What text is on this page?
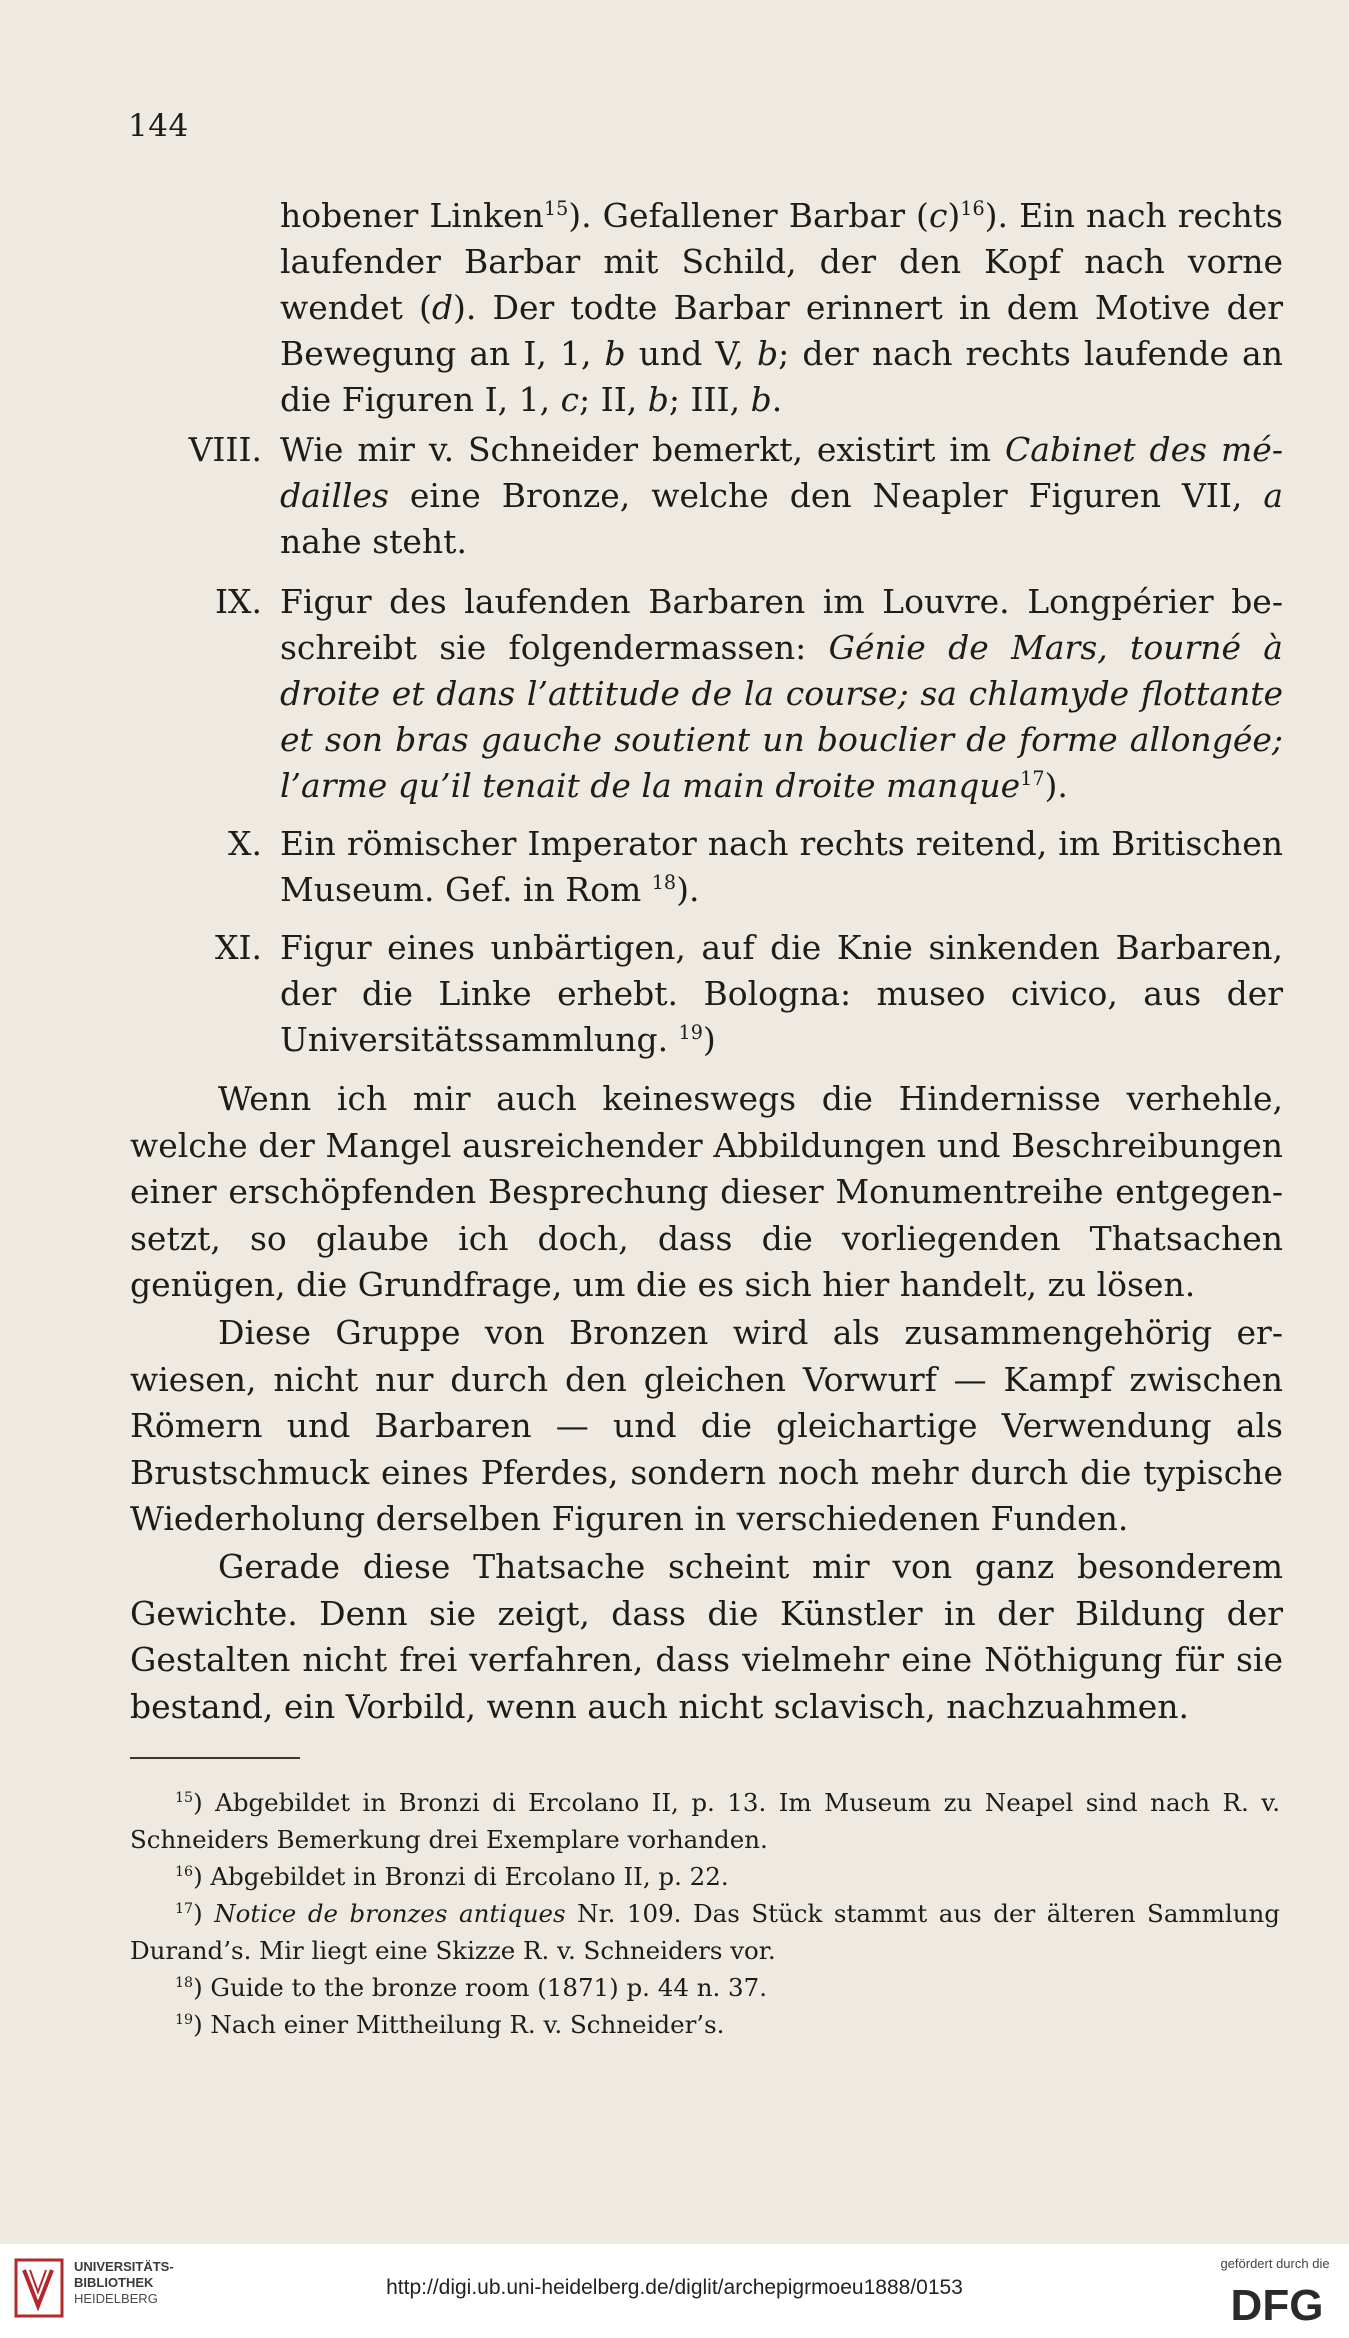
144
hobener Linken$^{15}$). Gefallener Barbar $(c)^{16}$). Ein nach rechts laufender Barbar mit Schild, der den Kopf nach vorne wendet (d). Der todte Barbar erinnert in dem Motive der Bewegung an I, 1, b und V, b; der nach rechts laufende an die Figuren I, 1, c; II, b; III, b.
VIII. Wie mir v. Schneider bemerkt, existirt im Cabinet des médailles eine Bronze, welche den Neapler Figuren VII, a nahe steht.
IX. Figur des laufenden Barbaren im Louvre. Longpérier beschreibt sie folgendermassen: Génie de Mars, tourné à droite et dans l’attitude de la course; sa chlamyde flottante et son bras gauche soutient un bouclier de forme allongée; l’arme qu’il tenait de la main droite manque$^{17}$).
X. Ein römischer Imperator nach rechts reitend, im Britischen Museum. Gef. in Rom $^{18}$).
XI. Figur eines unbärtigen, auf die Knie sinkenden Barbaren, der die Linke erhebt. Bologna: museo civico, aus der Universitätssammlung. $^{19}$)
Wenn ich mir auch keineswegs die Hindernisse verhehle, welche der Mangel ausreichender Abbildungen und Beschreibungen einer erschöpfenden Besprechung dieser Monumentreihe entgegensetzt, so glaube ich doch, dass die vorliegenden Thatsachen genügen, die Grundfrage, um die es sich hier handelt, zu lösen.
Diese Gruppe von Bronzen wird als zusammengehörig erwiesen, nicht nur durch den gleichen Vorwurf — Kampf zwischen Römern und Barbaren — und die gleichartige Verwendung als Brustschmuck eines Pferdes, sondern noch mehr durch die typische Wiederholung derselben Figuren in verschiedenen Funden.
Gerade diese Thatsache scheint mir von ganz besonderem Gewichte. Denn sie zeigt, dass die Künstler in der Bildung der Gestalten nicht frei verfahren, dass vielmehr eine Nöthigung für sie bestand, ein Vorbild, wenn auch nicht sclavisch, nachzuahmen.
$^{15}$) Abgebildet in Bronzi di Ercolano II, p. 13. Im Museum zu Neapel sind nach R. v. Schneiders Bemerkung drei Exemplare vorhanden.
$^{16}$) Abgebildet in Bronzi di Ercolano II, p. 22.
$^{17}$) Notice de bronzes antiques Nr. 109. Das Stück stammt aus der älteren Sammlung Durand’s. Mir liegt eine Skizze R. v. Schneiders vor.
$^{18}$) Guide to the bronze room (1871) p. 44 n. 37.
$^{19}$) Nach einer Mittheilung R. v. Schneider’s.
UNIVERSITÄTS-
BIBLIOTHEK
HEIDELBERG	http://digi.ub.uni-heidelberg.de/diglit/archepigrmoeu1888/0153
gefördert durch die
DFG
